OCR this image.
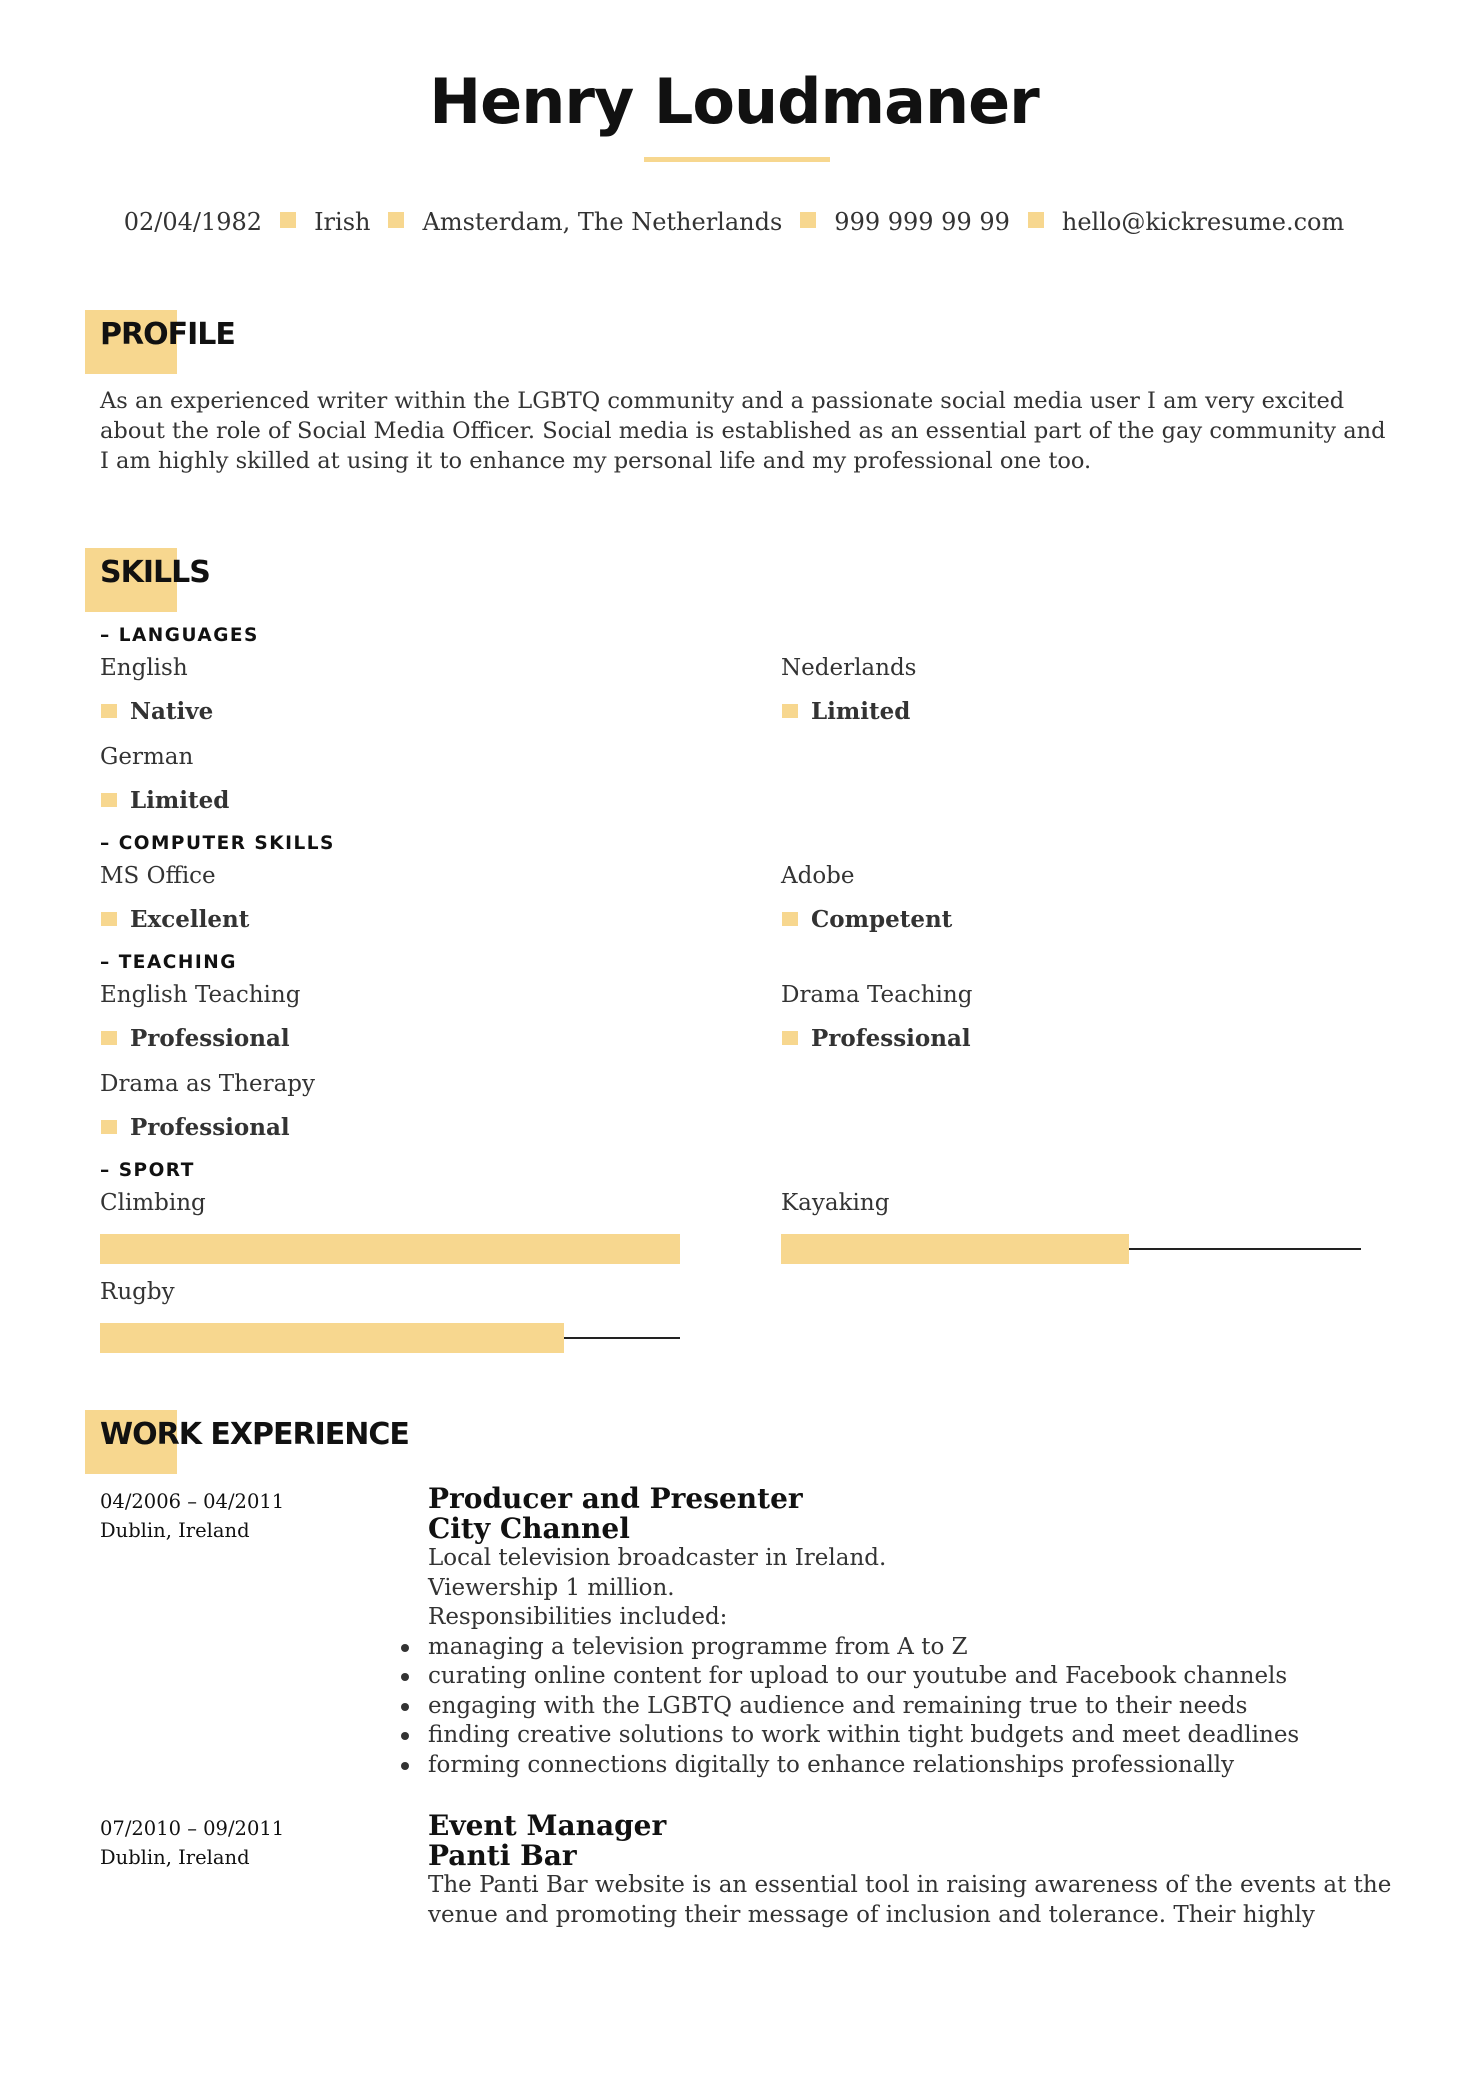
Henry Loudmaner
02/04/1982 Irish Amsterdam, The Netherlands 999 999 99 99 hello@kickresume.com
PROFILE
As an experienced writer within the LGBTQ community and a passionate social media user I am very excited
about the role of Social Media Officer. Social media is established as an essential part of the gay community and
I am highly skilled at using it to enhance my personal life and my professional one too.
SKILLS
– LANGUAGES
English
Native
Nederlands
Limited
German
Limited
– COMPUTER SKILLS
MS Office
Excellent
Adobe
Competent
– TEACHING
English Teaching
Professional
Drama Teaching
Professional
Drama as Therapy
Professional
– SPORT
Climbing	Kayaking
Rugby
WORK EXPERIENCE
04/2006 – 04/2011
Dublin, Ireland
Producer and Presenter
City Channel
Local television broadcaster in Ireland.
Viewership 1 million.
Responsibilities included:
managing a television programme from A to Z
curating online content for upload to our youtube and Facebook channels
engaging with the LGBTQ audience and remaining true to their needs
finding creative solutions to work within tight budgets and meet deadlines
forming connections digitally to enhance relationships professionally
07/2010 – 09/2011
Dublin, Ireland
Event Manager
Panti Bar
The Panti Bar website is an essential tool in raising awareness of the events at the
venue and promoting their message of inclusion and tolerance. Their highly
